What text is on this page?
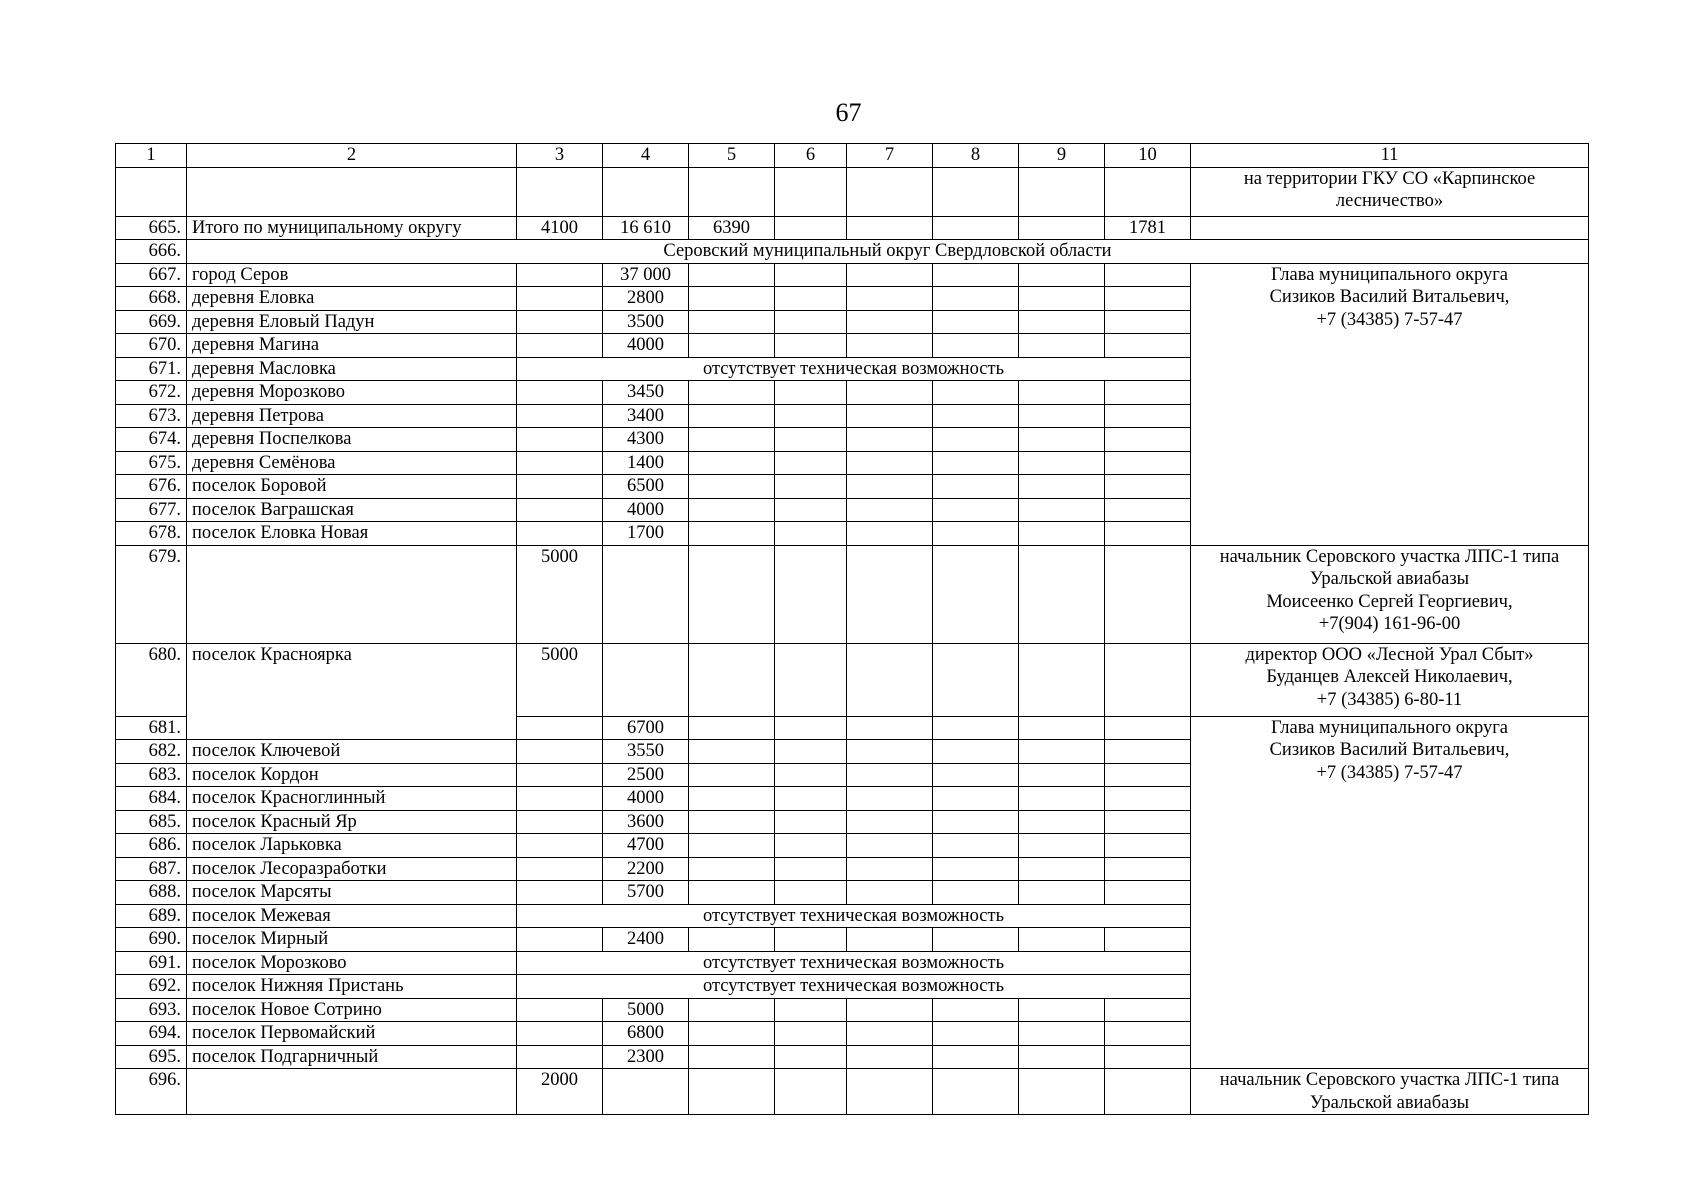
67
1	2	3	4	5	6	7	8	9	10	11

										на территории ГКУ СО «Карпинское
лесничество»

665.	Итого по муниципальному округу	4100	16 610	6390					1781	
666.	Серовский муниципальный округ Свердловской области									
667.	город Серов		37 000							Глава муниципального округа
Сизиков Василий Витальевич,
+7 (34385) 7-57-47

668.	деревня Еловка		2800							
669.	деревня Еловый Падун		3500							
670.	деревня Магина		4000							
671.	деревня Масловка	отсутствует техническая возможность								
672.	деревня Морозково		3450							
673.	деревня Петрова		3400							
674.	деревня Поспелкова		4300							
675.	деревня Семёнова		1400							
676.	поселок Боровой		6500							
677.	поселок Ваграшская		4000							
678.	поселок Еловка Новая		1700							
679.		5000								начальник Серовского участка ЛПС-1 типа
Уральской авиабазы
Моисеенко Сергей Георгиевич,
+7(904) 161-96-00

680.	поселок Красноярка	5000								директор ООО «Лесной Урал Сбыт»
Буданцев Алексей Николаевич,
+7 (34385) 6-80-11

681.			6700							Глава муниципального округа
Сизиков Василий Витальевич,
+7 (34385) 7-57-47

682.	поселок Ключевой		3550							
683.	поселок Кордон		2500							
684.	поселок Красноглинный		4000							
685.	поселок Красный Яр		3600							
686.	поселок Ларьковка		4700							
687.	поселок Лесоразработки		2200							
688.	поселок Марсяты		5700							
689.	поселок Межевая	отсутствует техническая возможность								
690.	поселок Мирный		2400							
691.	поселок Морозково	отсутствует техническая возможность								
692.	поселок Нижняя Пристань	отсутствует техническая возможность								
693.	поселок Новое Сотрино		5000							
694.	поселок Первомайский		6800							
695.	поселок Подгарничный		2300							
696.		2000								начальник Серовского участка ЛПС-1 типа
Уральской авиабазы
